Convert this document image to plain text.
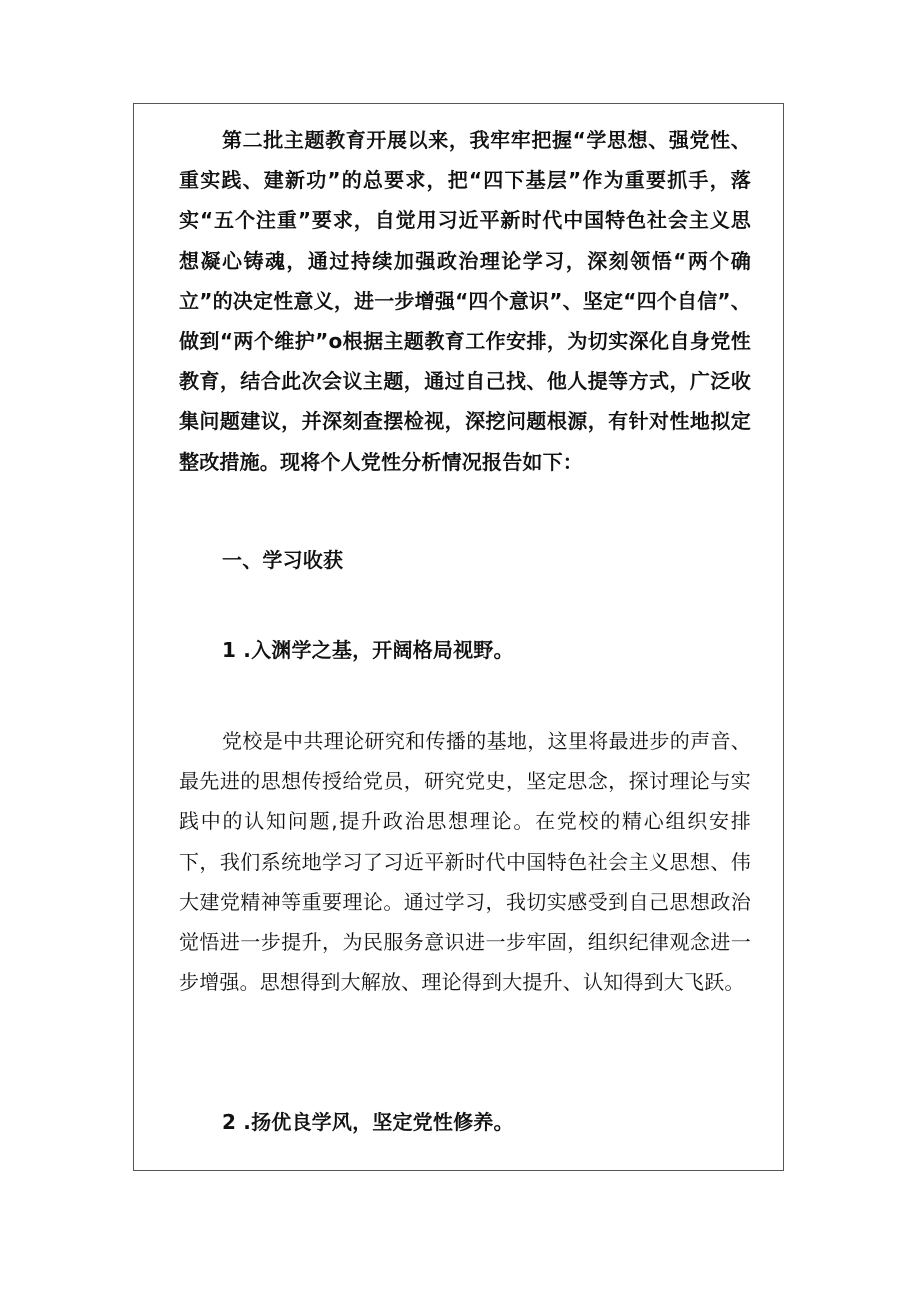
第二批主题教育开展以来，我牢牢把握“学思想、强党性、重实践、建新功”的总要求，把“四下基层”作为重要抓手，落实“五个注重”要求，自觉用习近平新时代中国特色社会主义思想凝心铸魂，通过持续加强政治理论学习，深刻领悟“两个确立”的决定性意义，进一步增强“四个意识”、坚定“四个自信”、做到“两个维护”o根据主题教育工作安排，为切实深化自身党性教育，结合此次会议主题，通过自己找、他人提等方式，广泛收集问题建议，并深刻查摆检视，深挖问题根源，有针对性地拟定整改措施。现将个人党性分析情况报告如下：

一、学习收获

1 .入渊学之基，开阔格局视野。

党校是中共理论研究和传播的基地，这里将最进步的声音、最先进的思想传授给党员，研究党史，坚定思念，探讨理论与实践中的认知问题,提升政治思想理论。在党校的精心组织安排下，我们系统地学习了习近平新时代中国特色社会主义思想、伟大建党精神等重要理论。通过学习，我切实感受到自己思想政治觉悟进一步提升，为民服务意识进一步牢固，组织纪律观念进一步增强。思想得到大解放、理论得到大提升、认知得到大飞跃。

2 .扬优良学风，坚定党性修养。
